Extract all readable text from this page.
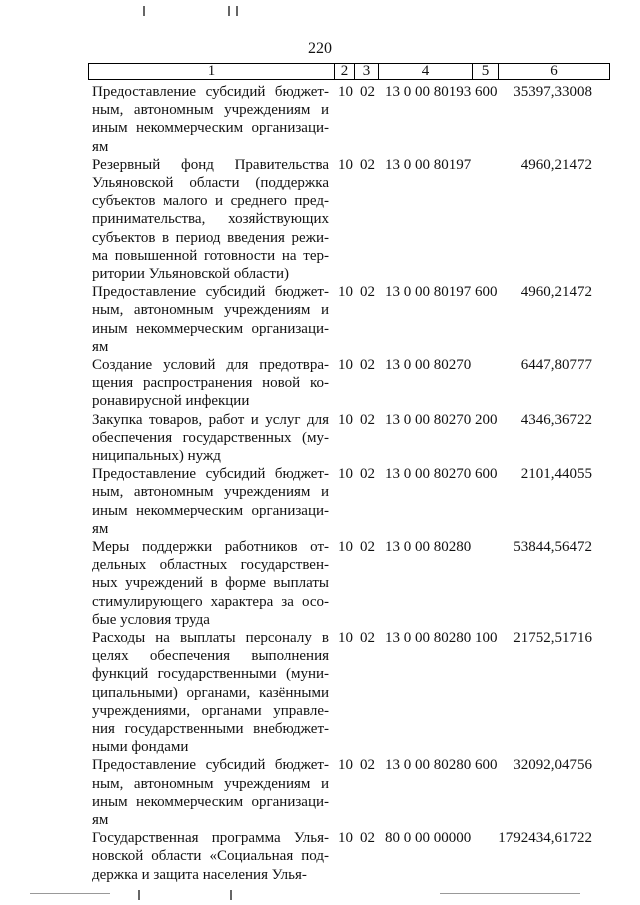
220
1	2 3	4	5	6
Предоставление субсидий бюджет-
ным, автономным учреждениям и
иным некоммерческим организаци-
ям
10 02 13 0 00 80193 600 35397,33008
Резервный фонд Правительства
Ульяновской области (поддержка
субъектов малого и среднего пред-
принимательства, хозяйствующих
субъектов в период введения режи-
ма повышенной готовности на тер-
ритории Ульяновской области)
10 02 13 0 00 80197	4960,21472
Предоставление субсидий бюджет-
ным, автономным учреждениям и
иным некоммерческим организаци-
ям
10 02 13 0 00 80197 600 4960,21472
Создание условий для предотвра-
щения распространения новой ко-
ронавирусной инфекции
10 02 13 0 00 80270	6447,80777
Закупка товаров, работ и услуг для
обеспечения государственных (му-
ниципальных) нужд
10 02 13 0 00 80270 200 4346,36722
Предоставление субсидий бюджет-
ным, автономным учреждениям и
иным некоммерческим организаци-
ям
10 02 13 0 00 80270 600 2101,44055
Меры поддержки работников от-
дельных областных государствен-
ных учреждений в форме выплаты
стимулирующего характера за осо-
бые условия труда
10 02 13 0 00 80280	53844,56472
Расходы на выплаты персоналу в
целях обеспечения выполнения
функций государственными (муни-
ципальными) органами, казёнными
учреждениями, органами управле-
ния государственными внебюджет-
ными фондами
10 02 13 0 00 80280 100 21752,51716
Предоставление субсидий бюджет-
ным, автономным учреждениям и
иным некоммерческим организаци-
ям
10 02 13 0 00 80280 600 32092,04756
Государственная программа Улья-
новской области «Социальная под-
держка и защита населения Улья-
10 02 80 0 00 00000 1792434,61722
